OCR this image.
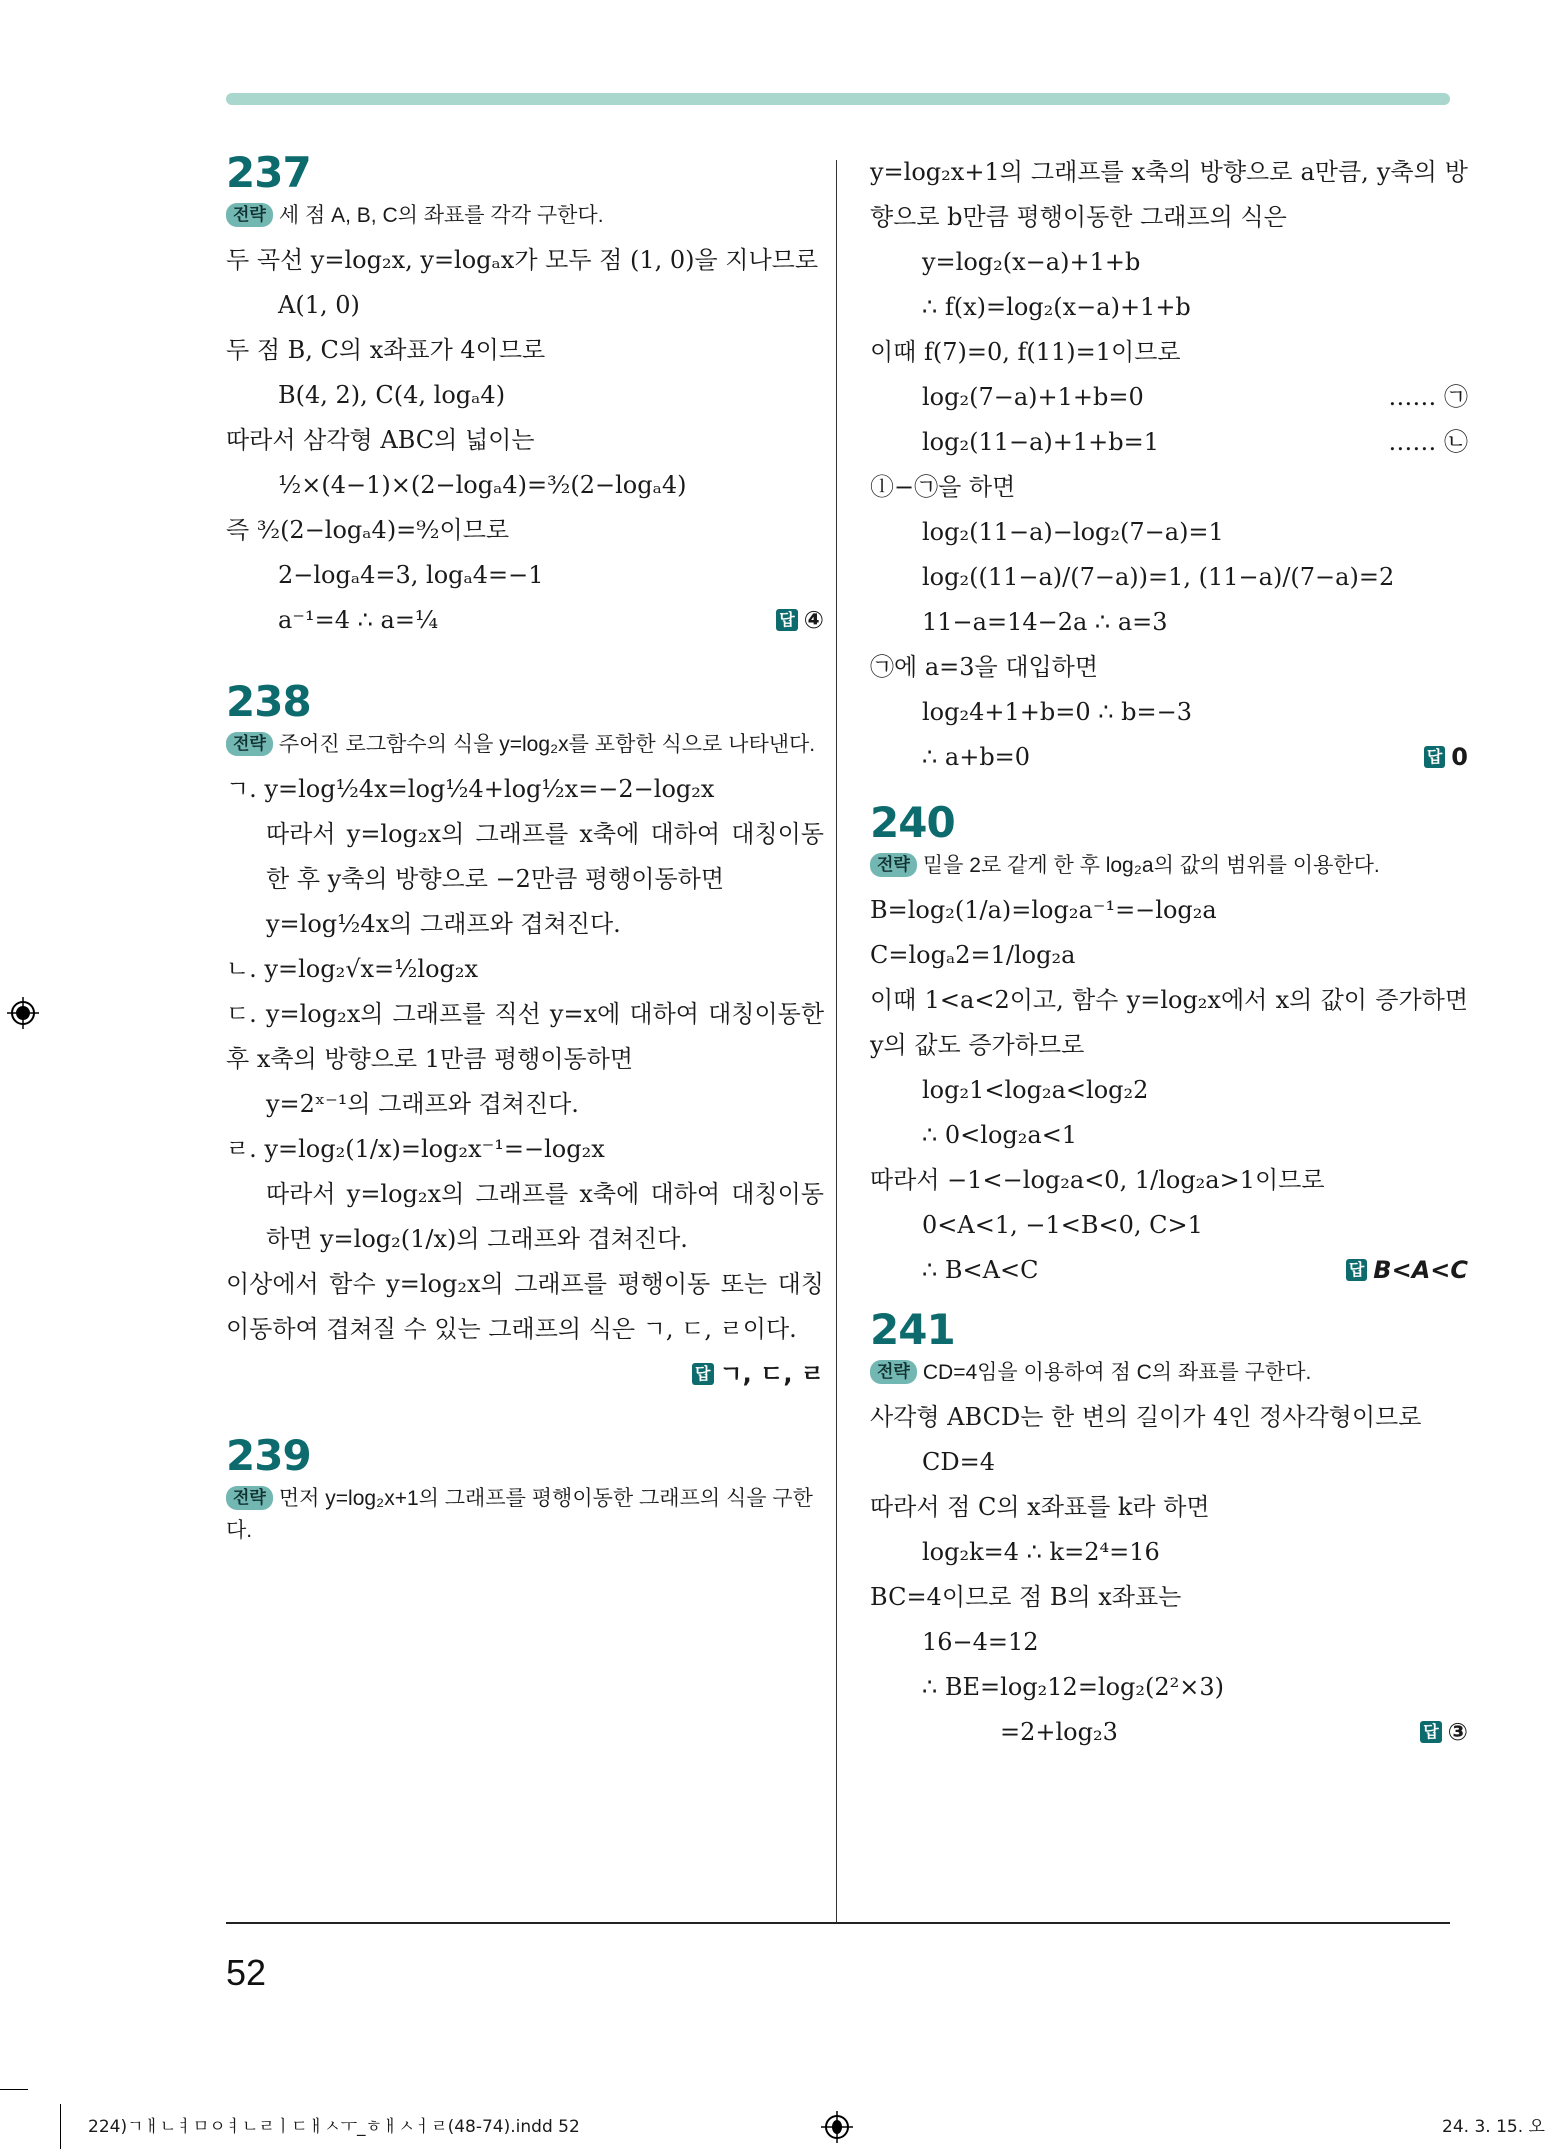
237
전략 세 점 A, B, C의 좌표를 각각 구한다.
두 곡선 y=log₂x, y=logₐx가 모두 점 (1, 0)을 지나므로
A(1, 0)
두 점 B, C의 x좌표가 4이므로
B(4, 2), C(4, logₐ4)
따라서 삼각형 ABC의 넓이는
½×(4−1)×(2−logₐ4)=³⁄₂(2−logₐ4)
즉 ³⁄₂(2−logₐ4)=⁹⁄₂이므로
2−logₐ4=3, logₐ4=−1
a⁻¹=4 ∴ a=¼	답 ④
238
전략 주어진 로그함수의 식을 y=log₂x를 포함한 식으로 나타낸다.
ㄱ. y=log½4x=log½4+log½x=−2−log₂x
따라서 y=log₂x의 그래프를 x축에 대하여 대칭이동한 후 y축의 방향으로 −2만큼 평행이동하면
y=log½4x의 그래프와 겹쳐진다.
ㄴ. y=log₂√x=½log₂x
ㄷ. y=log₂x의 그래프를 직선 y=x에 대하여 대칭이동한 후 x축의 방향으로 1만큼 평행이동하면
y=2ˣ⁻¹의 그래프와 겹쳐진다.
ㄹ. y=log₂(1/x)=log₂x⁻¹=−log₂x
따라서 y=log₂x의 그래프를 x축에 대하여 대칭이동하면 y=log₂(1/x)의 그래프와 겹쳐진다.
이상에서 함수 y=log₂x의 그래프를 평행이동 또는 대칭이동하여 겹쳐질 수 있는 그래프의 식은 ㄱ, ㄷ, ㄹ이다.
답 ㄱ, ㄷ, ㄹ
239
전략 먼저 y=log₂x+1의 그래프를 평행이동한 그래프의 식을 구한다.
y=log₂x+1의 그래프를 x축의 방향으로 a만큼, y축의 방향으로 b만큼 평행이동한 그래프의 식은
y=log₂(x−a)+1+b
∴ f(x)=log₂(x−a)+1+b
이때 f(7)=0, f(11)=1이므로
log₂(7−a)+1+b=0	…… ㉠
log₂(11−a)+1+b=1	…… ㉡
ⓛ−㉠을 하면
log₂(11−a)−log₂(7−a)=1
log₂((11−a)/(7−a))=1, (11−a)/(7−a)=2
11−a=14−2a ∴ a=3
㉠에 a=3을 대입하면
log₂4+1+b=0 ∴ b=−3
∴ a+b=0	답 0
240
전략 밑을 2로 같게 한 후 log₂a의 값의 범위를 이용한다.
B=log₂(1/a)=log₂a⁻¹=−log₂a
C=logₐ2=1/log₂a
이때 1<a<2이고, 함수 y=log₂x에서 x의 값이 증가하면 y의 값도 증가하므로
log₂1<log₂a<log₂2
∴ 0<log₂a<1
따라서 −1<−log₂a<0, 1/log₂a>1이므로
0<A<1, −1<B<0, C>1
∴ B<A<C	답 B<A<C
241
전략 CD=4임을 이용하여 점 C의 좌표를 구한다.
사각형 ABCD는 한 변의 길이가 4인 정사각형이므로
CD=4
따라서 점 C의 x좌표를 k라 하면
log₂k=4 ∴ k=2⁴=16
BC=4이므로 점 B의 x좌표는
16−4=12
∴ BE=log₂12=log₂(2²×3)
=2+log₂3	답 ③
52
224)ㄱㅐㄴㅕㅁㅇㅕㄴㄹㅣㄷㅐㅅㅜ_ㅎㅐㅅㅓㄹ(48-74).indd 52	24. 3. 15. 오
